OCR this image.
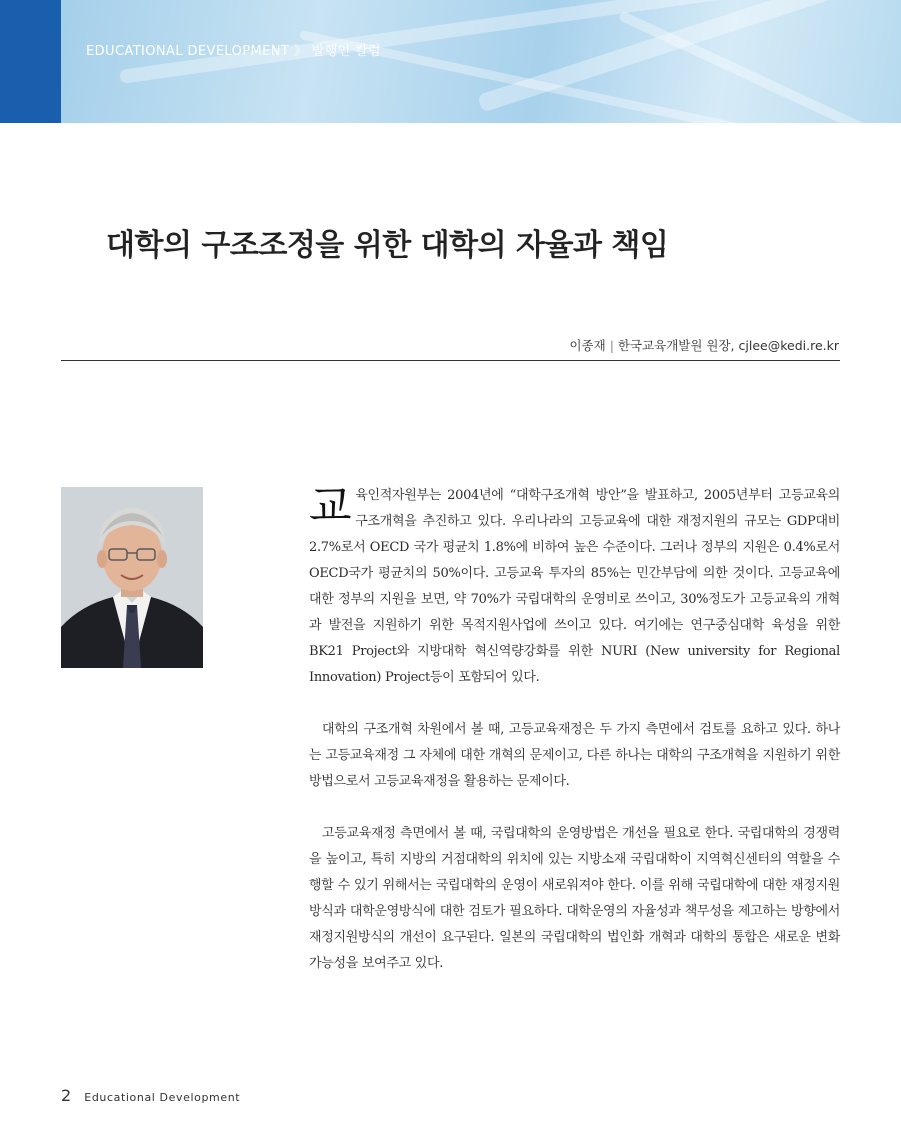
EDUCATIONAL DEVELOPMENT 》 발행인 칼럼
대학의 구조조정을 위한 대학의 자율과 책임
이종재 | 한국교육개발원 원장, cjlee@kedi.re.kr

교육인적자원부는 2004년에 “대학구조개혁 방안”을 발표하고, 2005년부터 고등교육의 구조개혁을 추진하고 있다. 우리나라의 고등교육에 대한 재정지원의 규모는 GDP대비 2.7%로서 OECD 국가 평균치 1.8%에 비하여 높은 수준이다. 그러나 정부의 지원은 0.4%로서 OECD국가 평균치의 50%이다. 고등교육 투자의 85%는 민간부담에 의한 것이다. 고등교육에 대한 정부의 지원을 보면, 약 70%가 국립대학의 운영비로 쓰이고, 30%정도가 고등교육의 개혁과 발전을 지원하기 위한 목적지원사업에 쓰이고 있다. 여기에는 연구중심대학 육성을 위한 BK21 Project와 지방대학 혁신역량강화를 위한 NURI (New university for Regional Innovation) Project등이 포함되어 있다.

대학의 구조개혁 차원에서 볼 때, 고등교육재정은 두 가지 측면에서 검토를 요하고 있다. 하나는 고등교육재정 그 자체에 대한 개혁의 문제이고, 다른 하나는 대학의 구조개혁을 지원하기 위한 방법으로서 고등교육재정을 활용하는 문제이다.

고등교육재정 측면에서 볼 때, 국립대학의 운영방법은 개선을 필요로 한다. 국립대학의 경쟁력을 높이고, 특히 지방의 거점대학의 위치에 있는 지방소재 국립대학이 지역혁신센터의 역할을 수행할 수 있기 위해서는 국립대학의 운영이 새로워져야 한다. 이를 위해 국립대학에 대한 재정지원방식과 대학운영방식에 대한 검토가 필요하다. 대학운영의 자율성과 책무성을 제고하는 방향에서 재정지원방식의 개선이 요구된다. 일본의 국립대학의 법인화 개혁과 대학의 통합은 새로운 변화가능성을 보여주고 있다.

2 Educational Development
